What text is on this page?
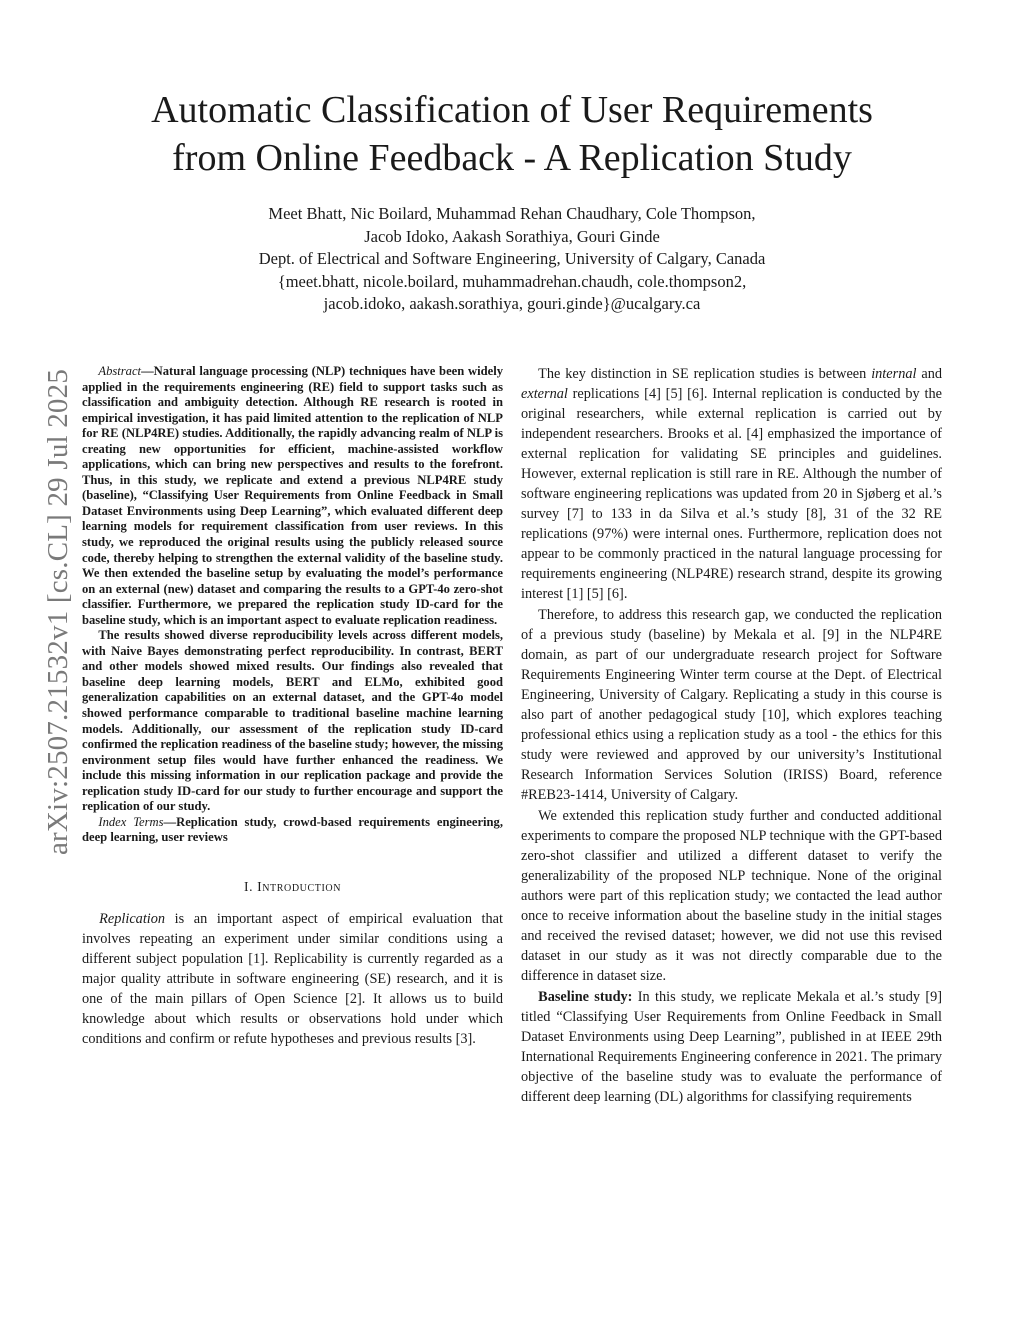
Automatic Classification of User Requirements
from Online Feedback - A Replication Study
Meet Bhatt, Nic Boilard, Muhammad Rehan Chaudhary, Cole Thompson,
Jacob Idoko, Aakash Sorathiya, Gouri Ginde
Dept. of Electrical and Software Engineering, University of Calgary, Canada
{meet.bhatt, nicole.boilard, muhammadrehan.chaudh, cole.thompson2,
jacob.idoko, aakash.sorathiya, gouri.ginde}@ucalgary.ca
arXiv:2507.21532v1 [cs.CL] 29 Jul 2025	Abstract—Natural language processing (NLP) techniques have been widely applied in the requirements engineering (RE) field to support tasks such as classification and ambiguity detection. Although RE research is rooted in empirical investigation, it has paid limited attention to the replication of NLP for RE (NLP4RE) studies. Additionally, the rapidly advancing realm of NLP is creating new opportunities for efficient, machine-assisted workflow applications, which can bring new perspectives and results to the forefront. Thus, in this study, we replicate and extend a previous NLP4RE study (baseline), “Classifying User Requirements from Online Feedback in Small Dataset Environments using Deep Learning”, which evaluated different deep learning models for requirement classification from user reviews. In this study, we reproduced the original results using the publicly released source code, thereby helping to strengthen the external validity of the baseline study. We then extended the baseline setup by evaluating the model’s performance on an external (new) dataset and comparing the results to a GPT-4o zero-shot classifier. Furthermore, we prepared the replication study ID-card for the baseline study, which is an important aspect to evaluate replication readiness.

The results showed diverse reproducibility levels across different models, with Naive Bayes demonstrating perfect reproducibility. In contrast, BERT and other models showed mixed results. Our findings also revealed that baseline deep learning models, BERT and ELMo, exhibited good generalization capabilities on an external dataset, and the GPT-4o model showed performance comparable to traditional baseline machine learning models. Additionally, our assessment of the replication study ID-card confirmed the replication readiness of the baseline study; however, the missing environment setup files would have further enhanced the readiness. We include this missing information in our replication package and provide the replication study ID-card for our study to further encourage and support the replication of our study.

Index Terms—Replication study, crowd-based requirements engineering, deep learning, user reviews

I. Introduction

Replication is an important aspect of empirical evaluation that involves repeating an experiment under similar conditions using a different subject population [1]. Replicability is currently regarded as a major quality attribute in software engineering (SE) research, and it is one of the main pillars of Open Science [2]. It allows us to build knowledge about which results or observations hold under which conditions and confirm or refute hypotheses and previous results [3].

The key distinction in SE replication studies is between internal and external replications [4] [5] [6]. Internal replication is conducted by the original researchers, while external replication is carried out by independent researchers. Brooks et al. [4] emphasized the importance of external replication for validating SE principles and guidelines. However, external replication is still rare in RE. Although the number of software engineering replications was updated from 20 in Sjøberg et al.’s survey [7] to 133 in da Silva et al.’s study [8], 31 of the 32 RE replications (97%) were internal ones. Furthermore, replication does not appear to be commonly practiced in the natural language processing for requirements engineering (NLP4RE) research strand, despite its growing interest [1] [5] [6].

Therefore, to address this research gap, we conducted the replication of a previous study (baseline) by Mekala et al. [9] in the NLP4RE domain, as part of our undergraduate research project for Software Requirements Engineering Winter term course at the Dept. of Electrical Engineering, University of Calgary. Replicating a study in this course is also part of another pedagogical study [10], which explores teaching professional ethics using a replication study as a tool - the ethics for this study were reviewed and approved by our university’s Institutional Research Information Services Solution (IRISS) Board, reference #REB23-1414, University of Calgary.

We extended this replication study further and conducted additional experiments to compare the proposed NLP technique with the GPT-based zero-shot classifier and utilized a different dataset to verify the generalizability of the proposed NLP technique. None of the original authors were part of this replication study; we contacted the lead author once to receive information about the baseline study in the initial stages and received the revised dataset; however, we did not use this revised dataset in our study as it was not directly comparable due to the difference in dataset size.

Baseline study: In this study, we replicate Mekala et al.’s study [9] titled “Classifying User Requirements from Online Feedback in Small Dataset Environments using Deep Learning”, published in at IEEE 29th International Requirements Engineering conference in 2021. The primary objective of the baseline study was to evaluate the performance of different deep learning (DL) algorithms for classifying requirements
